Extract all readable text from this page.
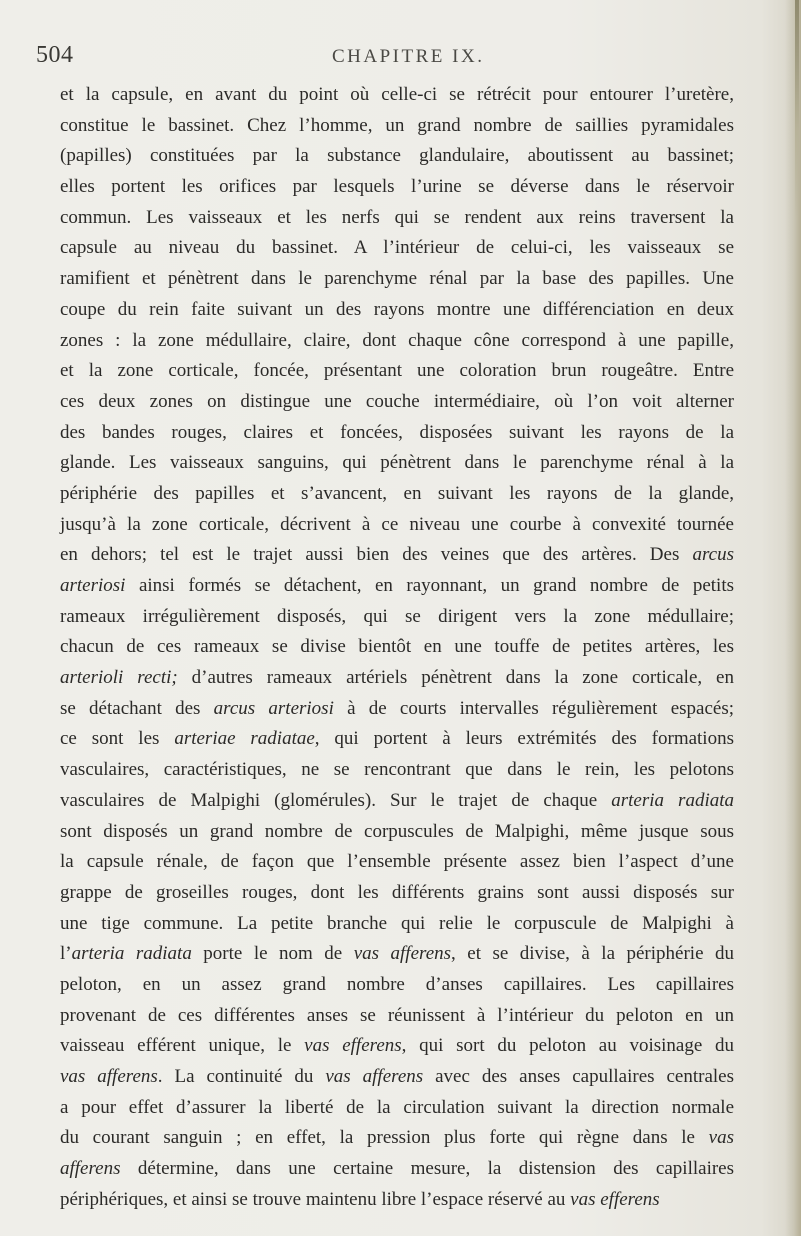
504	CHAPITRE IX.
et la capsule, en avant du point où celle-ci se rétrécit pour entourer l’uretère,
constitue le bassinet. Chez l’homme, un grand nombre de saillies pyramidales
(papilles) constituées par la substance glandulaire, aboutissent au bassinet;
elles portent les orifices par lesquels l’urine se déverse dans le réservoir
commun. Les vaisseaux et les nerfs qui se rendent aux reins traversent la
capsule au niveau du bassinet. A l’intérieur de celui-ci, les vaisseaux se
ramifient et pénètrent dans le parenchyme rénal par la base des papilles. Une
coupe du rein faite suivant un des rayons montre une différenciation en deux
zones : la zone médullaire, claire, dont chaque cône correspond à une papille,
et la zone corticale, foncée, présentant une coloration brun rougeâtre. Entre
ces deux zones on distingue une couche intermédiaire, où l’on voit alterner
des bandes rouges, claires et foncées, disposées suivant les rayons de la
glande. Les vaisseaux sanguins, qui pénètrent dans le parenchyme rénal à la
périphérie des papilles et s’avancent, en suivant les rayons de la glande,
jusqu’à la zone corticale, décrivent à ce niveau une courbe à convexité tournée
en dehors; tel est le trajet aussi bien des veines que des artères. Des arcus
arteriosi ainsi formés se détachent, en rayonnant, un grand nombre de petits
rameaux irrégulièrement disposés, qui se dirigent vers la zone médullaire;
chacun de ces rameaux se divise bientôt en une touffe de petites artères, les
arterioli recti; d’autres rameaux artériels pénètrent dans la zone corticale, en
se détachant des arcus arteriosi à de courts intervalles régulièrement espacés;
ce sont les arteriae radiatae, qui portent à leurs extrémités des formations
vasculaires, caractéristiques, ne se rencontrant que dans le rein, les pelotons
vasculaires de Malpighi (glomérules). Sur le trajet de chaque arteria radiata
sont disposés un grand nombre de corpuscules de Malpighi, même jusque sous
la capsule rénale, de façon que l’ensemble présente assez bien l’aspect d’une
grappe de groseilles rouges, dont les différents grains sont aussi disposés sur
une tige commune. La petite branche qui relie le corpuscule de Malpighi à
l’arteria radiata porte le nom de vas afferens, et se divise, à la périphérie du
peloton, en un assez grand nombre d’anses capillaires. Les capillaires
provenant de ces différentes anses se réunissent à l’intérieur du peloton en un
vaisseau efférent unique, le vas efferens, qui sort du peloton au voisinage du
vas afferens. La continuité du vas afferens avec des anses capullaires centrales
a pour effet d’assurer la liberté de la circulation suivant la direction normale
du courant sanguin ; en effet, la pression plus forte qui règne dans le vas
afferens détermine, dans une certaine mesure, la distension des capillaires
périphériques, et ainsi se trouve maintenu libre l’espace réservé au vas efferens
